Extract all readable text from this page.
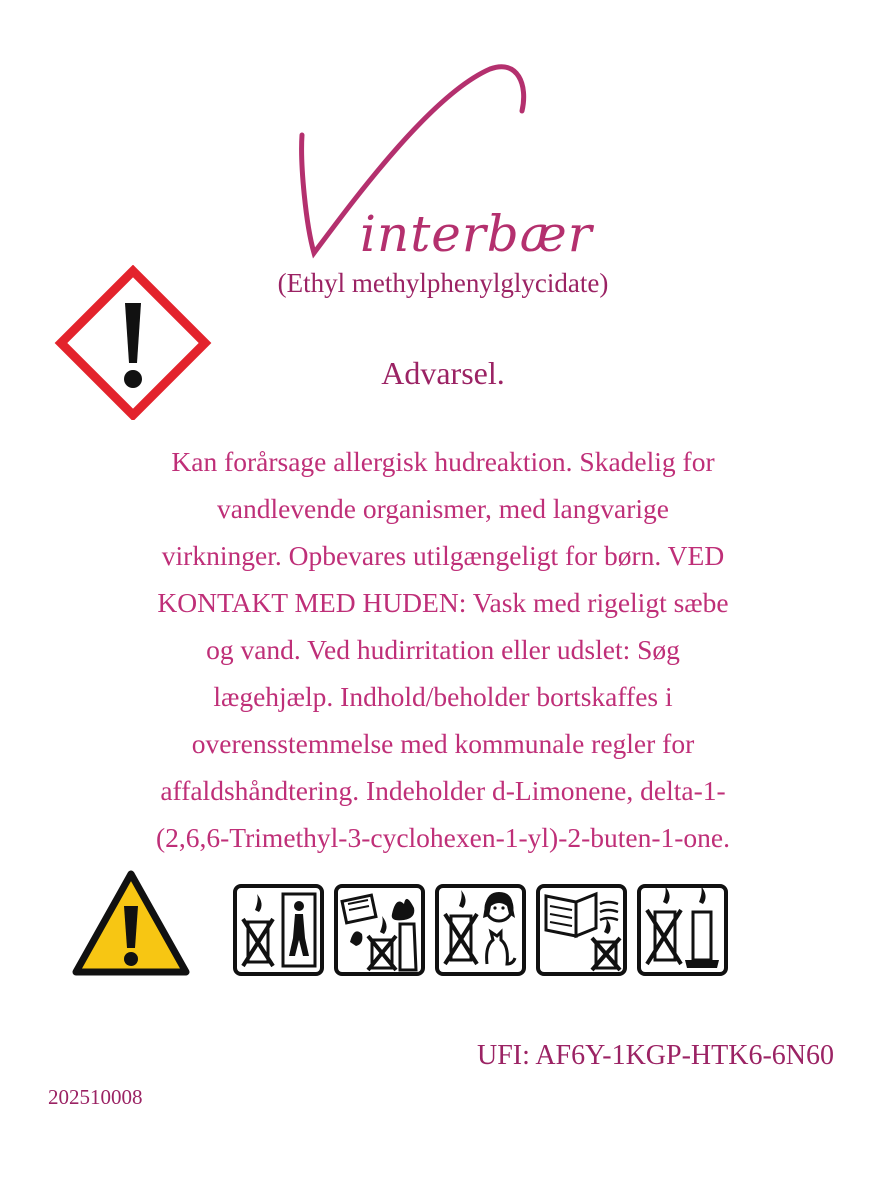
interbær
(Ethyl methylphenylglycidate)
Advarsel.
Kan forårsage allergisk hudreaktion. Skadelig for
vandlevende organismer, med langvarige
virkninger. Opbevares utilgængeligt for børn. VED
KONTAKT MED HUDEN: Vask med rigeligt sæbe
og vand. Ved hudirritation eller udslet: Søg
lægehjælp. Indhold/beholder bortskaffes i
overensstemmelse med kommunale regler for
affaldshåndtering. Indeholder d-Limonene, delta-1-
(2,6,6-Trimethyl-3-cyclohexen-1-yl)-2-buten-1-one.
UFI: AF6Y-1KGP-HTK6-6N60
202510008
